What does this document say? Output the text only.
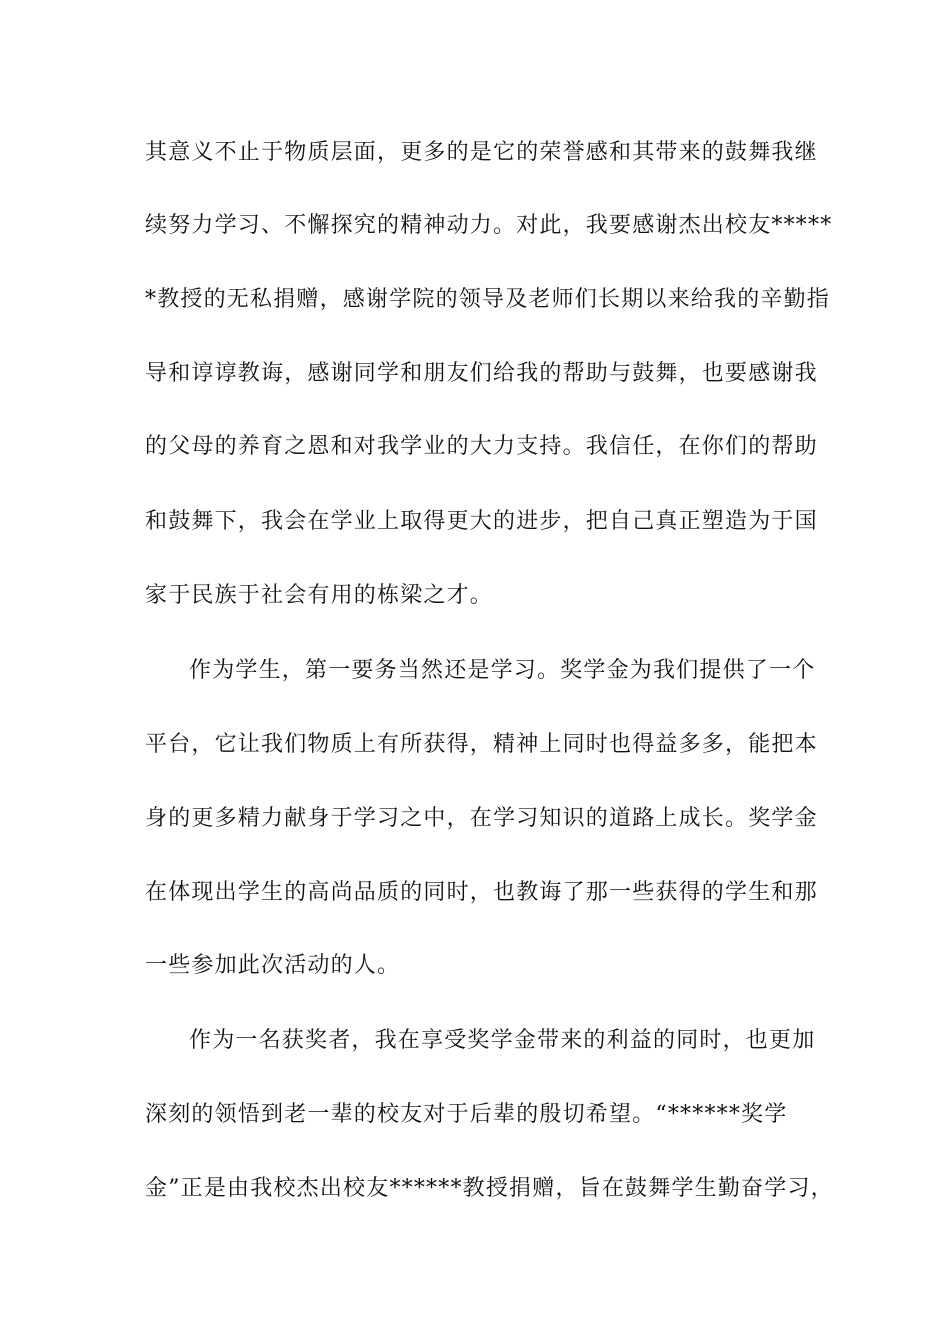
其意义不止于物质层面，更多的是它的荣誉感和其带来的鼓舞我继
续努力学习、不懈探究的精神动力。对此，我要感谢杰出校友*****
*教授的无私捐赠，感谢学院的领导及老师们长期以来给我的辛勤指
导和谆谆教诲，感谢同学和朋友们给我的帮助与鼓舞，也要感谢我
的父母的养育之恩和对我学业的大力支持。我信任，在你们的帮助
和鼓舞下，我会在学业上取得更大的进步，把自己真正塑造为于国
家于民族于社会有用的栋梁之才。
作为学生，第一要务当然还是学习。奖学金为我们提供了一个
平台，它让我们物质上有所获得，精神上同时也得益多多，能把本
身的更多精力献身于学习之中，在学习知识的道路上成长。奖学金
在体现出学生的高尚品质的同时，也教诲了那一些获得的学生和那
一些参加此次活动的人。
作为一名获奖者，我在享受奖学金带来的利益的同时，也更加
深刻的领悟到老一辈的校友对于后辈的殷切希望。“******奖学
金”正是由我校杰出校友******教授捐赠，旨在鼓舞学生勤奋学习，
